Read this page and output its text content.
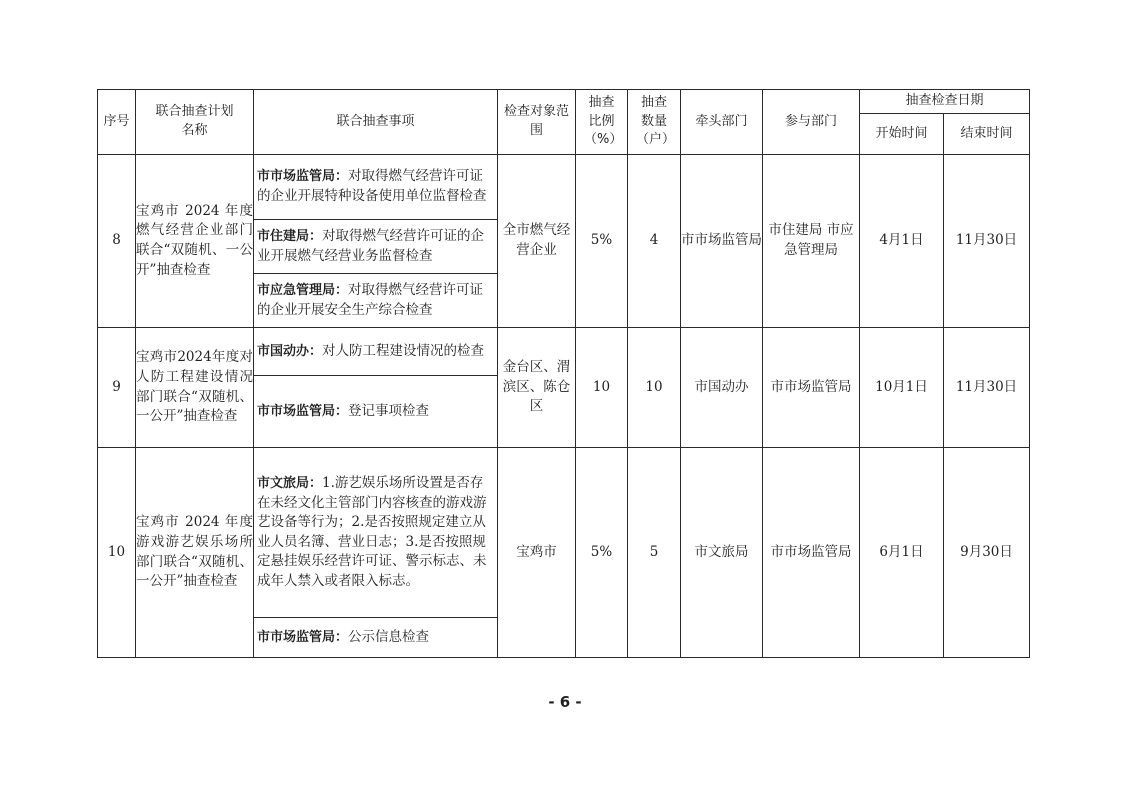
序号	联合抽查计划名称	联合抽查事项	检查对象范围	抽查比例（%）	抽查数量（户）	牵头部门	参与部门	抽查检查日期	

								开始时间	结束时间

8	宝鸡市 2024 年度燃气经营企业部门联合“双随机、一公开”抽查检查	市市场监管局：对取得燃气经营许可证的企业开展特种设备使用单位监督检查	全市燃气经营企业	5%	4	市市场监管局	市住建局 市应急管理局	4月1日	11月30日

		市住建局：对取得燃气经营许可证的企业开展燃气经营业务监督检查							

		市应急管理局：对取得燃气经营许可证的企业开展安全生产综合检查							

9	宝鸡市2024年度对人防工程建设情况部门联合“双随机、一公开”抽查检查	市国动办：对人防工程建设情况的检查	金台区、渭滨区、陈仓区	10	10	市国动办	市市场监管局	10月1日	11月30日

		市市场监管局：登记事项检查							

10	宝鸡市 2024 年度游戏游艺娱乐场所部门联合“双随机、一公开”抽查检查	市文旅局：1.游艺娱乐场所设置是否存在未经文化主管部门内容核查的游戏游艺设备等行为；2.是否按照规定建立从业人员名簿、营业日志；3.是否按照规定悬挂娱乐经营许可证、警示标志、未成年人禁入或者限入标志。	宝鸡市	5%	5	市文旅局	市市场监管局	6月1日	9月30日

		市市场监管局：公示信息检查							
- 6 -
